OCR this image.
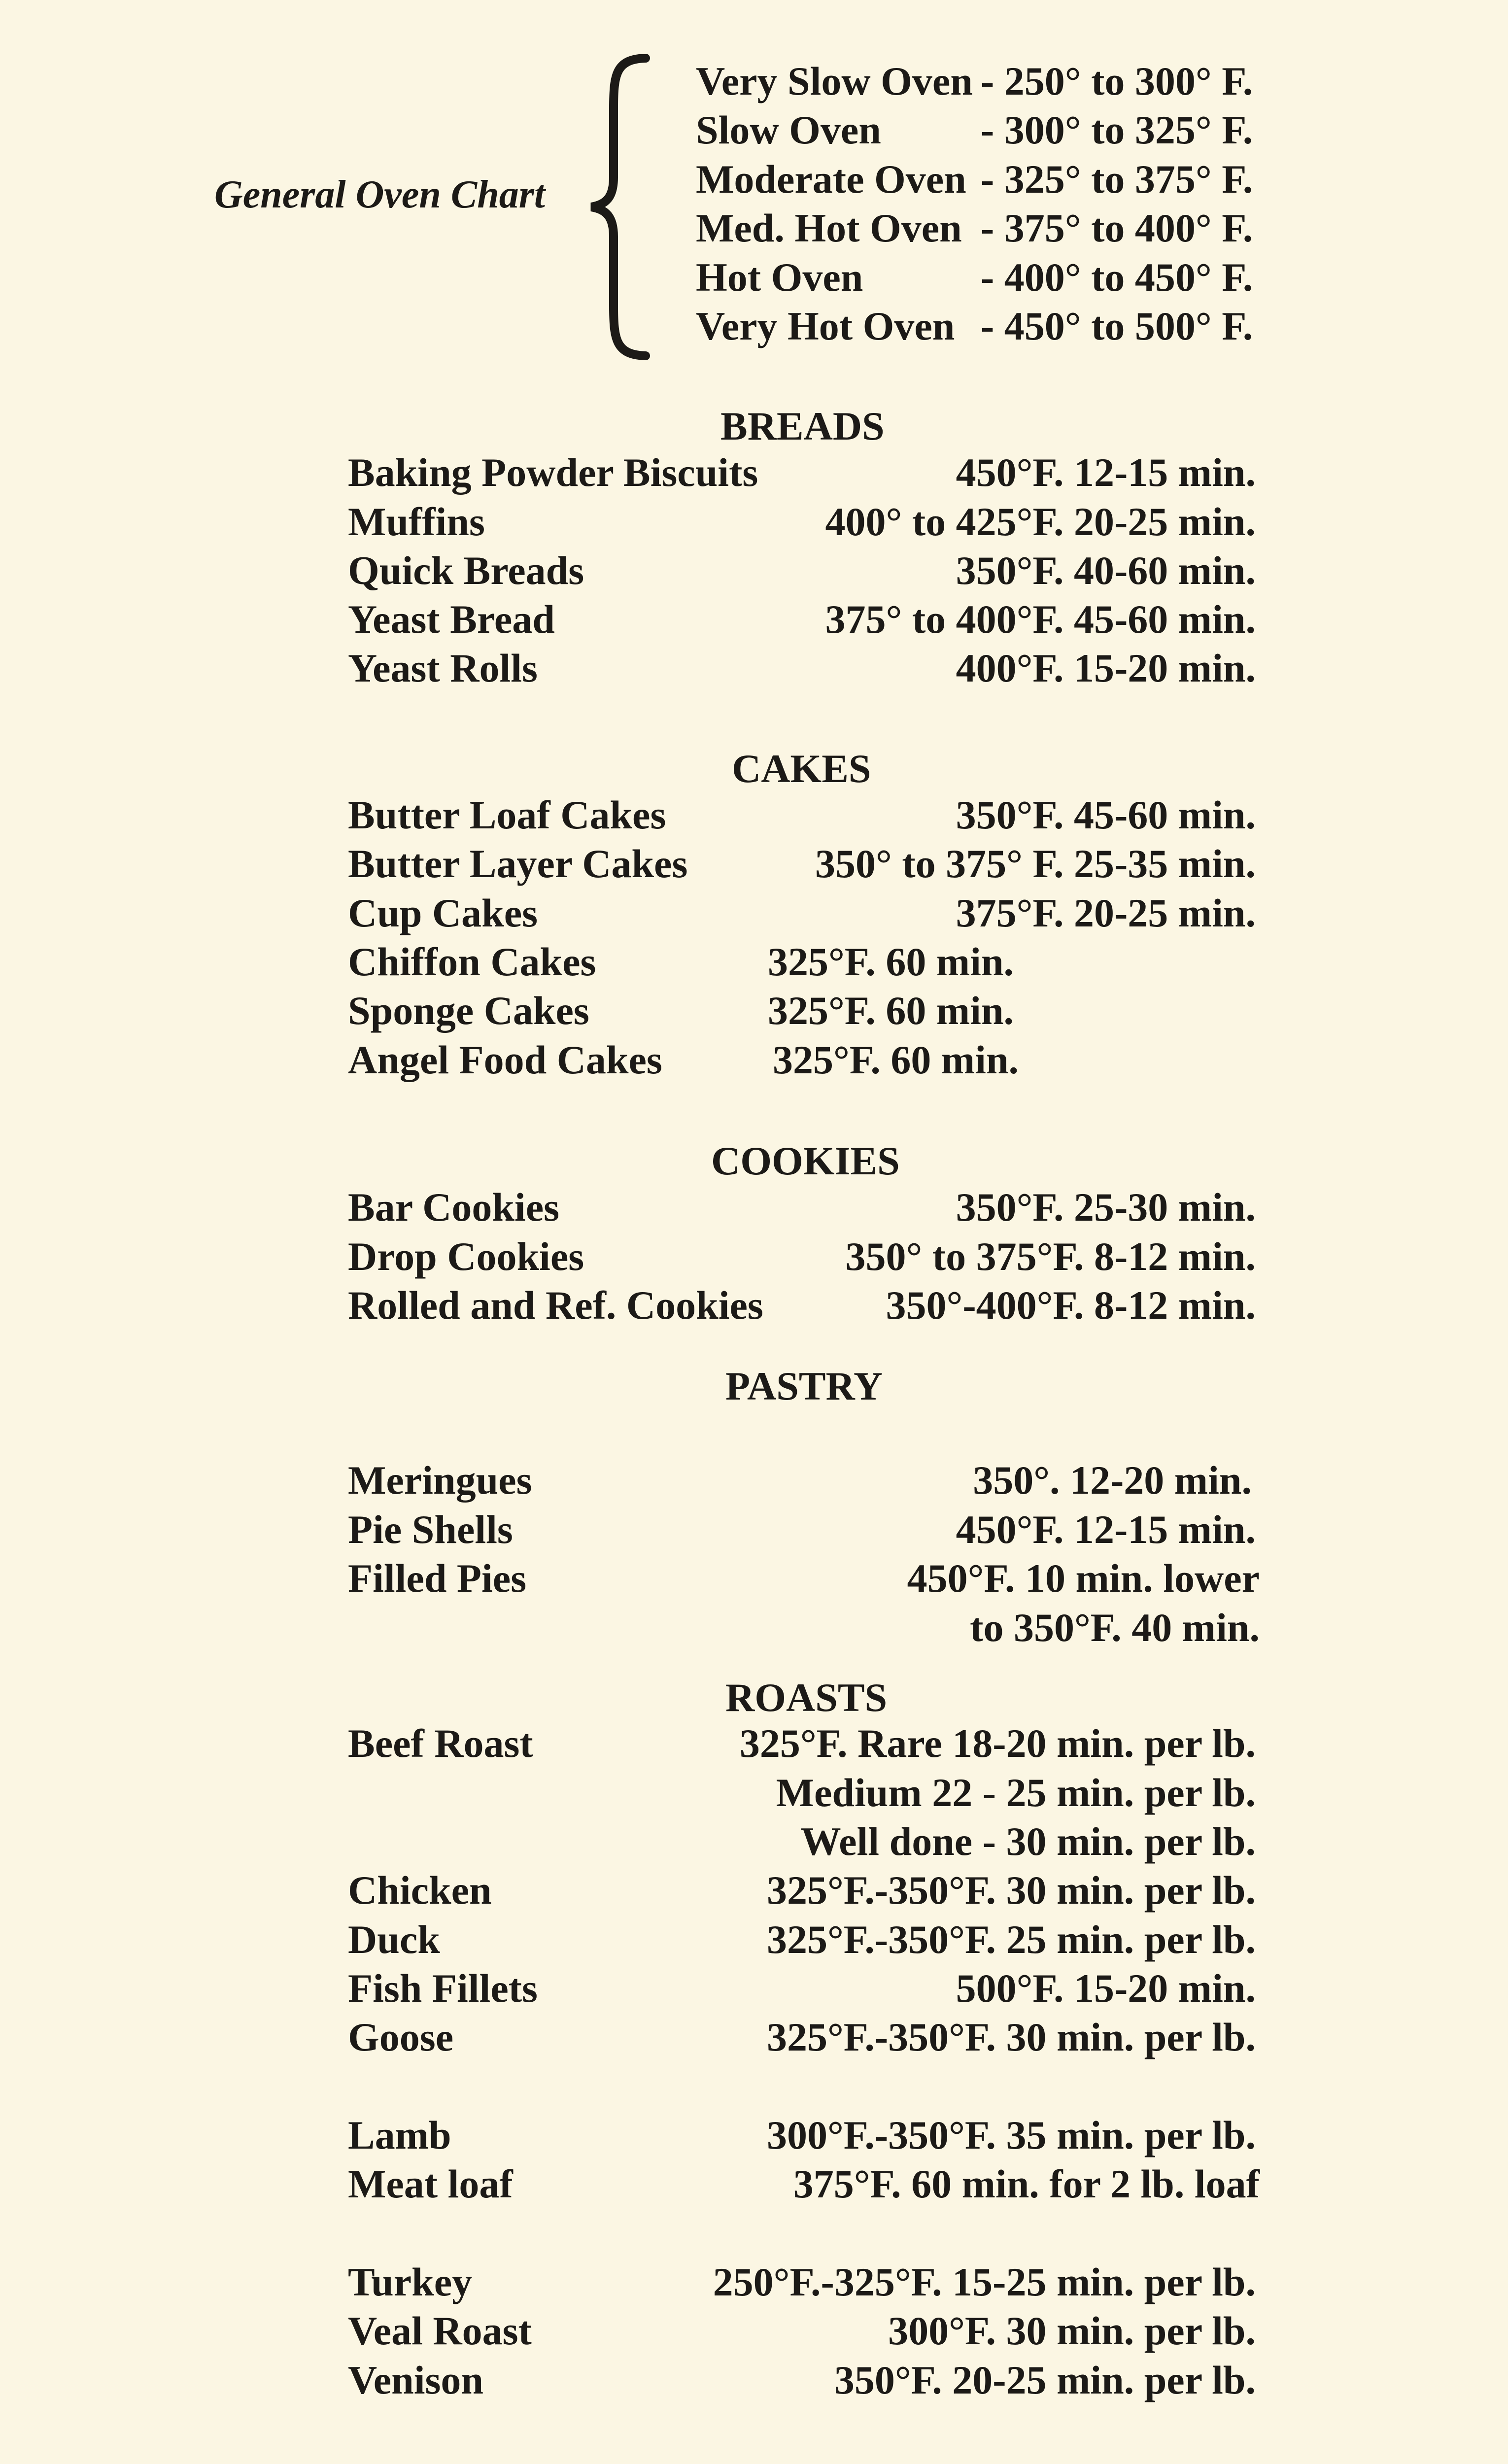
General Oven Chart
Very Slow Oven - 250° to 300° F.
Slow Oven - 300° to 325° F.
Moderate Oven - 325° to 375° F.
Med. Hot Oven - 375° to 400° F.
Hot Oven	- 400° to 450° F.
Very Hot Oven - 450° to 500° F.
BREADS
Baking Powder Biscuits	450°F. 12-15 min.
Muffins	400° to 425°F. 20-25 min.
Quick Breads	350°F. 40-60 min.
Yeast Bread	375° to 400°F. 45-60 min.
Yeast Rolls	400°F. 15-20 min.
CAKES
Butter Loaf Cakes	350°F. 45-60 min.
Butter Layer Cakes	350° to 375° F. 25-35 min.
Cup Cakes	375°F. 20-25 min.
Chiffon Cakes	325°F. 60 min.
Sponge Cakes	325°F. 60 min.
Angel Food Cakes	325°F. 60 min.
COOKIES
Bar Cookies	350°F. 25-30 min.
Drop Cookies	350° to 375°F. 8-12 min.
Rolled and Ref. Cookies	350°-400°F. 8-12 min.
PASTRY
Meringues	350°. 12-20 min.
Pie Shells	450°F. 12-15 min.
Filled Pies	450°F. 10 min. lower
to 350°F. 40 min.
ROASTS
Beef Roast	325°F. Rare 18-20 min. per lb.
Medium 22 - 25 min. per lb.
Well done - 30 min. per lb.
Chicken	325°F.-350°F. 30 min. per lb.
Duck	325°F.-350°F. 25 min. per lb.
Fish Fillets	500°F. 15-20 min.
Goose	325°F.-350°F. 30 min. per lb.
Lamb	300°F.-350°F. 35 min. per lb.
Meat loaf	375°F. 60 min. for 2 lb. loaf
Turkey	250°F.-325°F. 15-25 min. per lb.
Veal Roast	300°F. 30 min. per lb.
Venison	350°F. 20-25 min. per lb.
